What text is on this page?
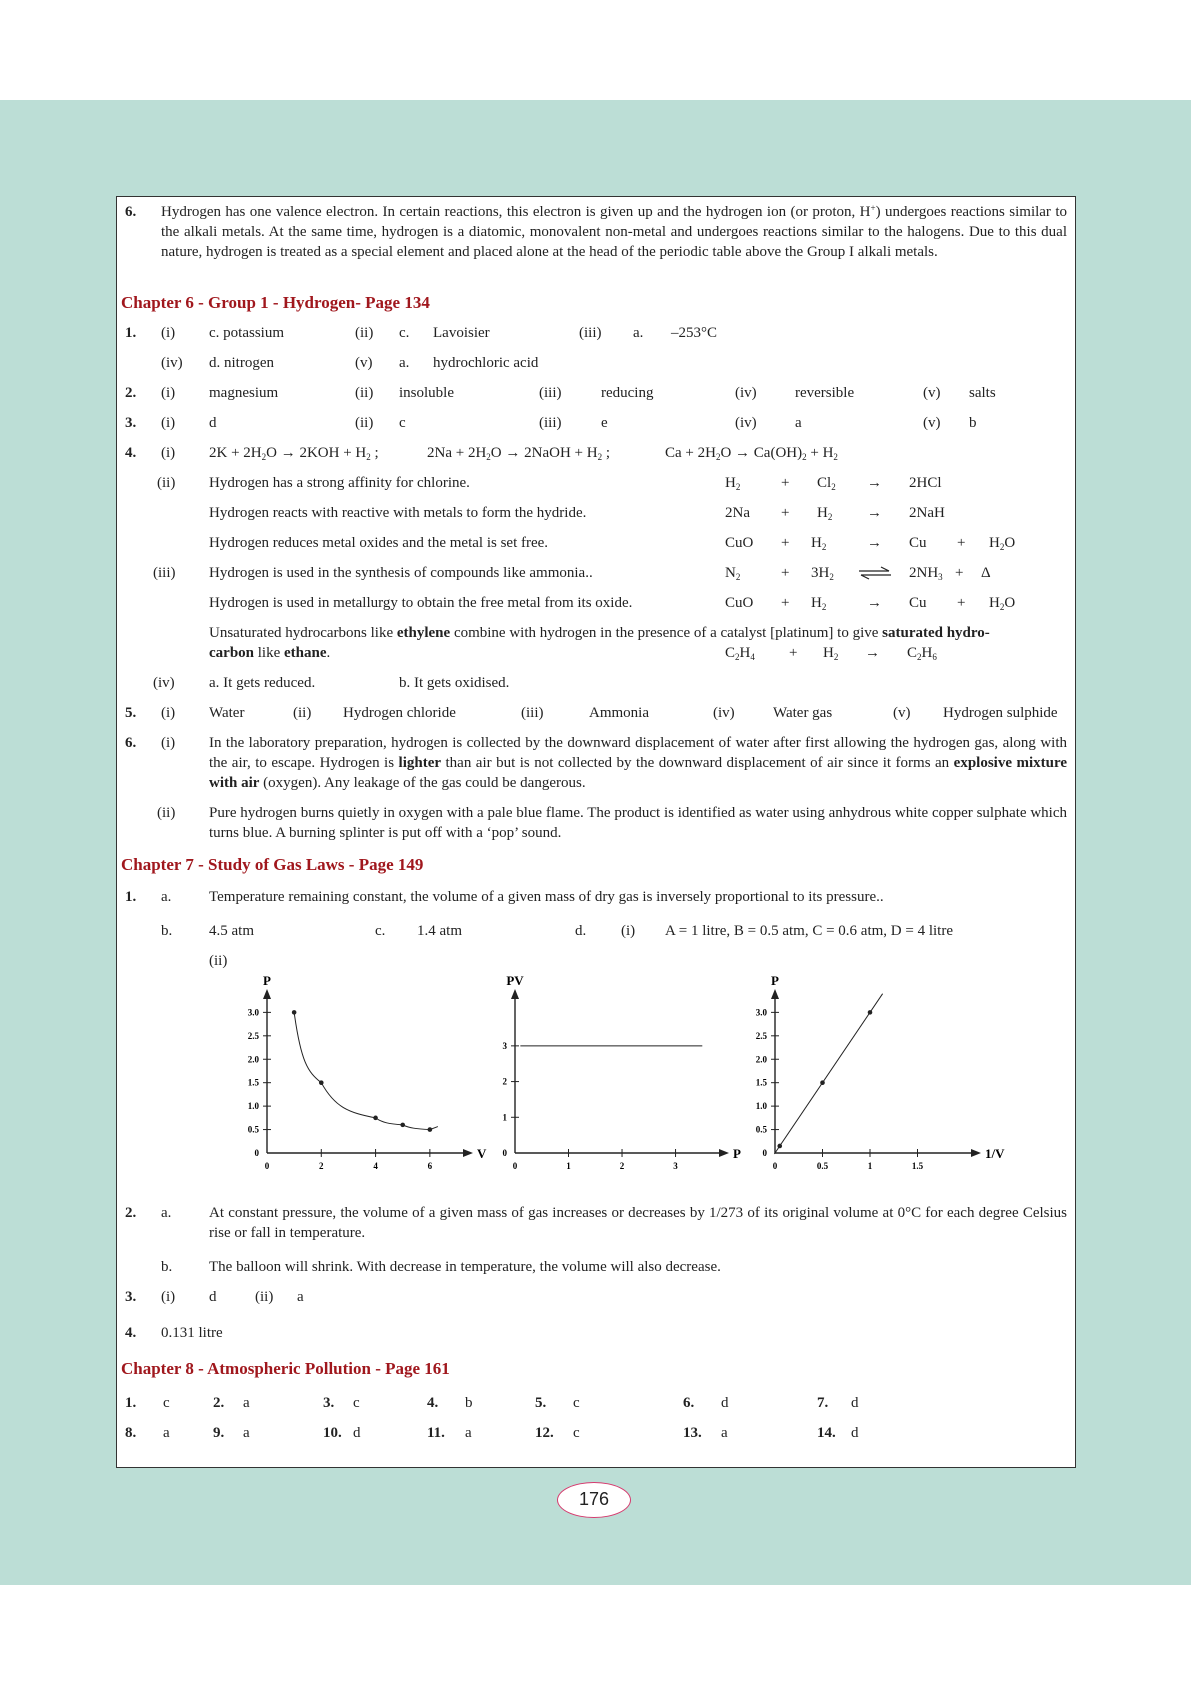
6. Hydrogen has one valence electron. In certain reactions, this electron is given up and the hydrogen ion (or proton, H+) undergoes reactions similar to the alkali metals. At the same time, hydrogen is a diatomic, monovalent non-metal and undergoes reactions similar to the halogens. Due to this dual nature, hydrogen is treated as a special element and placed alone at the head of the periodic table above the Group I alkali metals.
Chapter 6 - Group 1 - Hydrogen- Page 134
1. (i) c. potassium	(ii) c. Lavoisier	(iii) a. –253°C
(iv) d. nitrogen	(v) a. hydrochloric acid
2. (i) magnesium	(ii) insoluble	(iii)	reducing	(iv)	reversible	(v) salts
3. (i) d	(ii) c	(iii)	e	(iv)	a	(v) b
4. (i) $2K + 2H_2O \to 2KOH + H_2$ ;	$2Na + 2H_2O$ → 2NaOH + $H_2$ ;	$Ca + 2H_2O \to Ca(OH)_2 + H_2$
(ii) Hydrogen has a strong affinity for chlorine.	$H_2$	+ $Cl_2 \to 2HCl$
Hydrogen reacts with reactive with metals to form the hydride.	$2Na + H_2 \to 2NaH$
Hydrogen reduces metal oxides and the metal is set free.	CuO + $H_2$	→ $Cu + H_2O$
(iii) Hydrogen is used in the synthesis of compounds like ammonia..	$N_2$	+ $3H_2$ ⇌ $2NH_3 + \Delta$
Hydrogen is used in metallurgy to obtain the free metal from its oxide.	CuO + $H_2$	→ $Cu + H_2O$
Unsaturated hydrocarbons like ethylene combine with hydrogen in the presence of a catalyst [platinum] to give saturated hydro-
carbon like ethane.	$C_2H_4 + H_2 \to C_2H_6$
(iv) a. It gets reduced.	b. It gets oxidised.
5. (i) Water	(ii) Hydrogen chloride	(iii)	Ammonia	(iv)	Water gas	(v) Hydrogen sulphide
6. (i) In the laboratory preparation, hydrogen is collected by the downward displacement of water after first allowing the hydrogen gas, along with the air, to escape. Hydrogen is lighter than air but is not collected by the downward displacement of air since it forms an explosive mixture with air (oxygen). Any leakage of the gas could be dangerous.
(ii) Pure hydrogen burns quietly in oxygen with a pale blue flame. The product is identified as water using anhydrous white copper sulphate which turns blue. A burning splinter is put off with a ‘pop’ sound.
Chapter 7 - Study of Gas Laws - Page 149
1. a.	Temperature remaining constant, the volume of a given mass of dry gas is inversely proportional to its pressure..
b. 4.5 atm	c. 1.4 atm	d. (i) A = 1 litre, B = 0.5 atm, C = 0.6 atm, D = 4 litre
(ii)
P
V
0
0.5
1.0
1.5
2.0
2.5
3.0
0	2	4	6
PV
P
0
1
2
3
0	1	2	3
P
1/V
0
0.5
1.0
1.5
2.0
2.5
3.0
0	0.5	1	1.5
2. a.	At constant pressure, the volume of a given mass of gas increases or decreases by 1/273 of its original volume at 0°C for each degree Celsius rise or fall in temperature.
b. The balloon will shrink. With decrease in temperature, the volume will also decrease.
3. (i) d	(ii) a
4. 0.131 litre
Chapter 8 - Atmospheric Pollution - Page 161
1. c	2. a	3. c	4. b	5. c	6. d	7. d
8. a	9. a	10. d	11. a	12. c	13. a	14. d
176
